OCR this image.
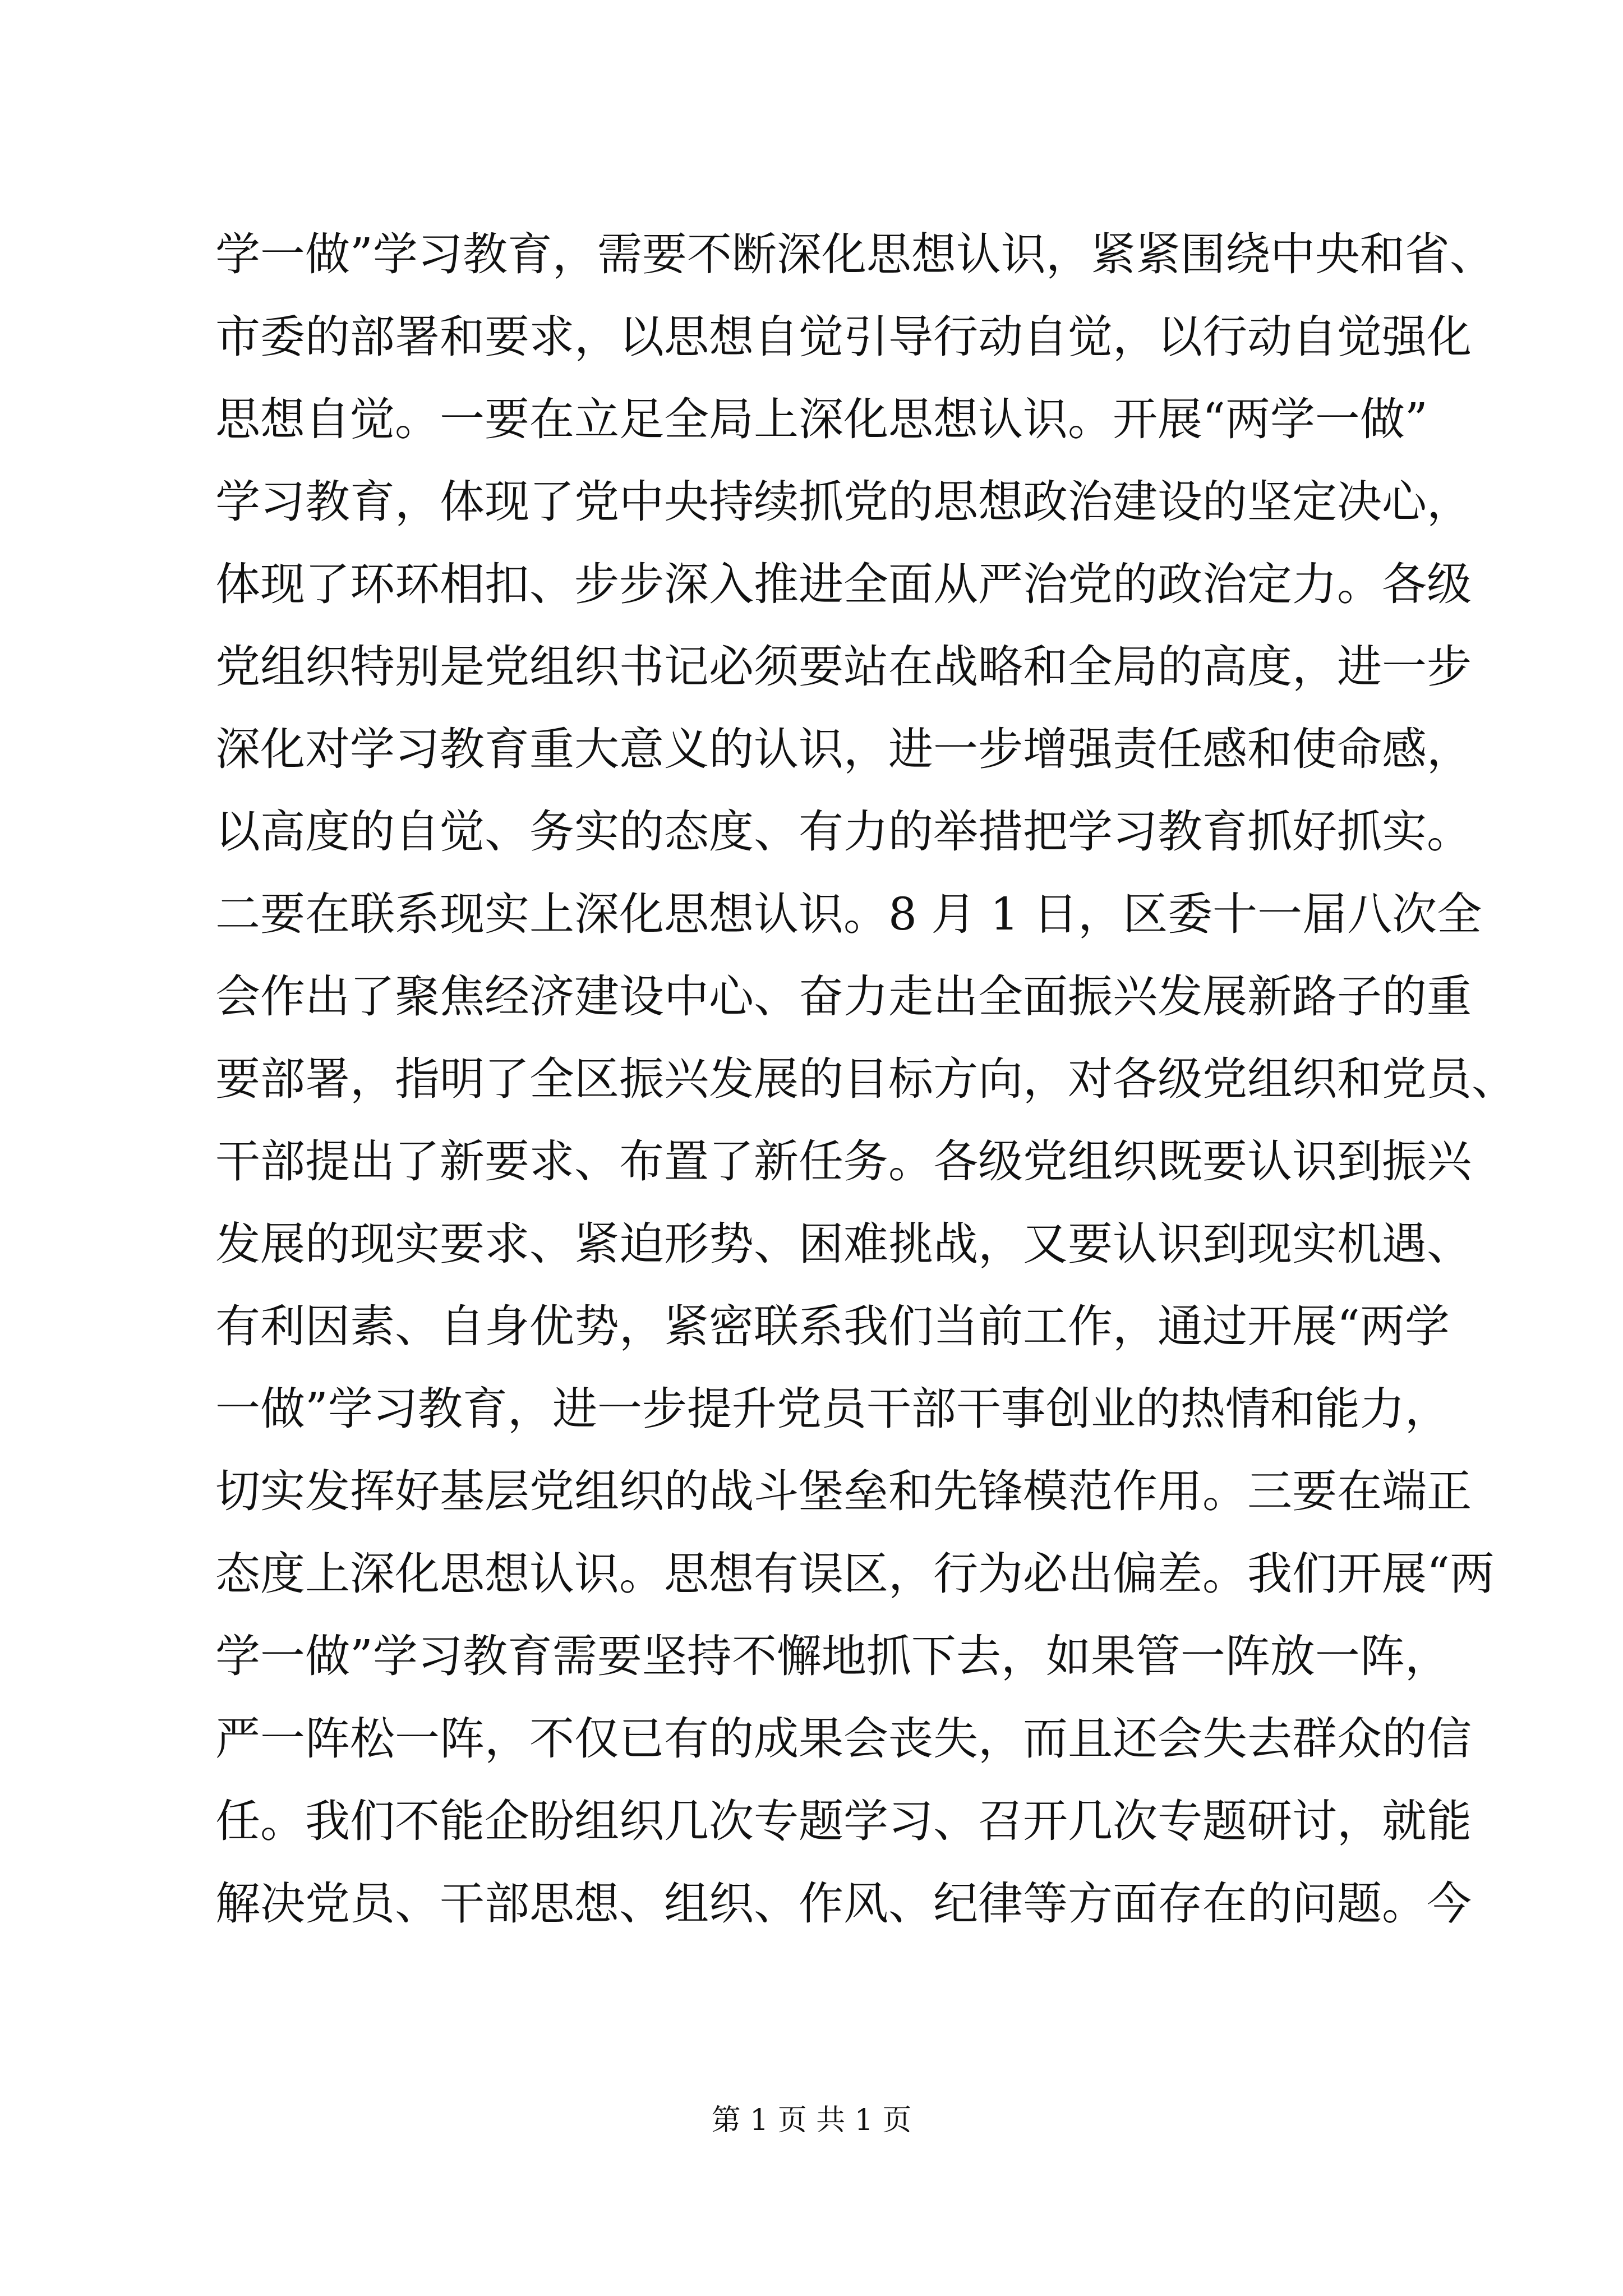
学一做”学习教育，需要不断深化思想认识，紧紧围绕中央和省、
市委的部署和要求，以思想自觉引导行动自觉，以行动自觉强化
思想自觉。一要在立足全局上深化思想认识。开展“两学一做”
学习教育，体现了党中央持续抓党的思想政治建设的坚定决心，
体现了环环相扣、步步深入推进全面从严治党的政治定力。各级
党组织特别是党组织书记必须要站在战略和全局的高度，进一步
深化对学习教育重大意义的认识，进一步增强责任感和使命感，
以高度的自觉、务实的态度、有力的举措把学习教育抓好抓实。
二要在联系现实上深化思想认识。8 月 1 日，区委十一届八次全
会作出了聚焦经济建设中心、奋力走出全面振兴发展新路子的重
要部署，指明了全区振兴发展的目标方向，对各级党组织和党员、
干部提出了新要求、布置了新任务。各级党组织既要认识到振兴
发展的现实要求、紧迫形势、困难挑战，又要认识到现实机遇、
有利因素、自身优势，紧密联系我们当前工作，通过开展“两学
一做”学习教育，进一步提升党员干部干事创业的热情和能力，
切实发挥好基层党组织的战斗堡垒和先锋模范作用。三要在端正
态度上深化思想认识。思想有误区，行为必出偏差。我们开展“两
学一做”学习教育需要坚持不懈地抓下去，如果管一阵放一阵，
严一阵松一阵，不仅已有的成果会丧失，而且还会失去群众的信
任。我们不能企盼组织几次专题学习、召开几次专题研讨，就能
解决党员、干部思想、组织、作风、纪律等方面存在的问题。今
第 1 页 共 1 页
